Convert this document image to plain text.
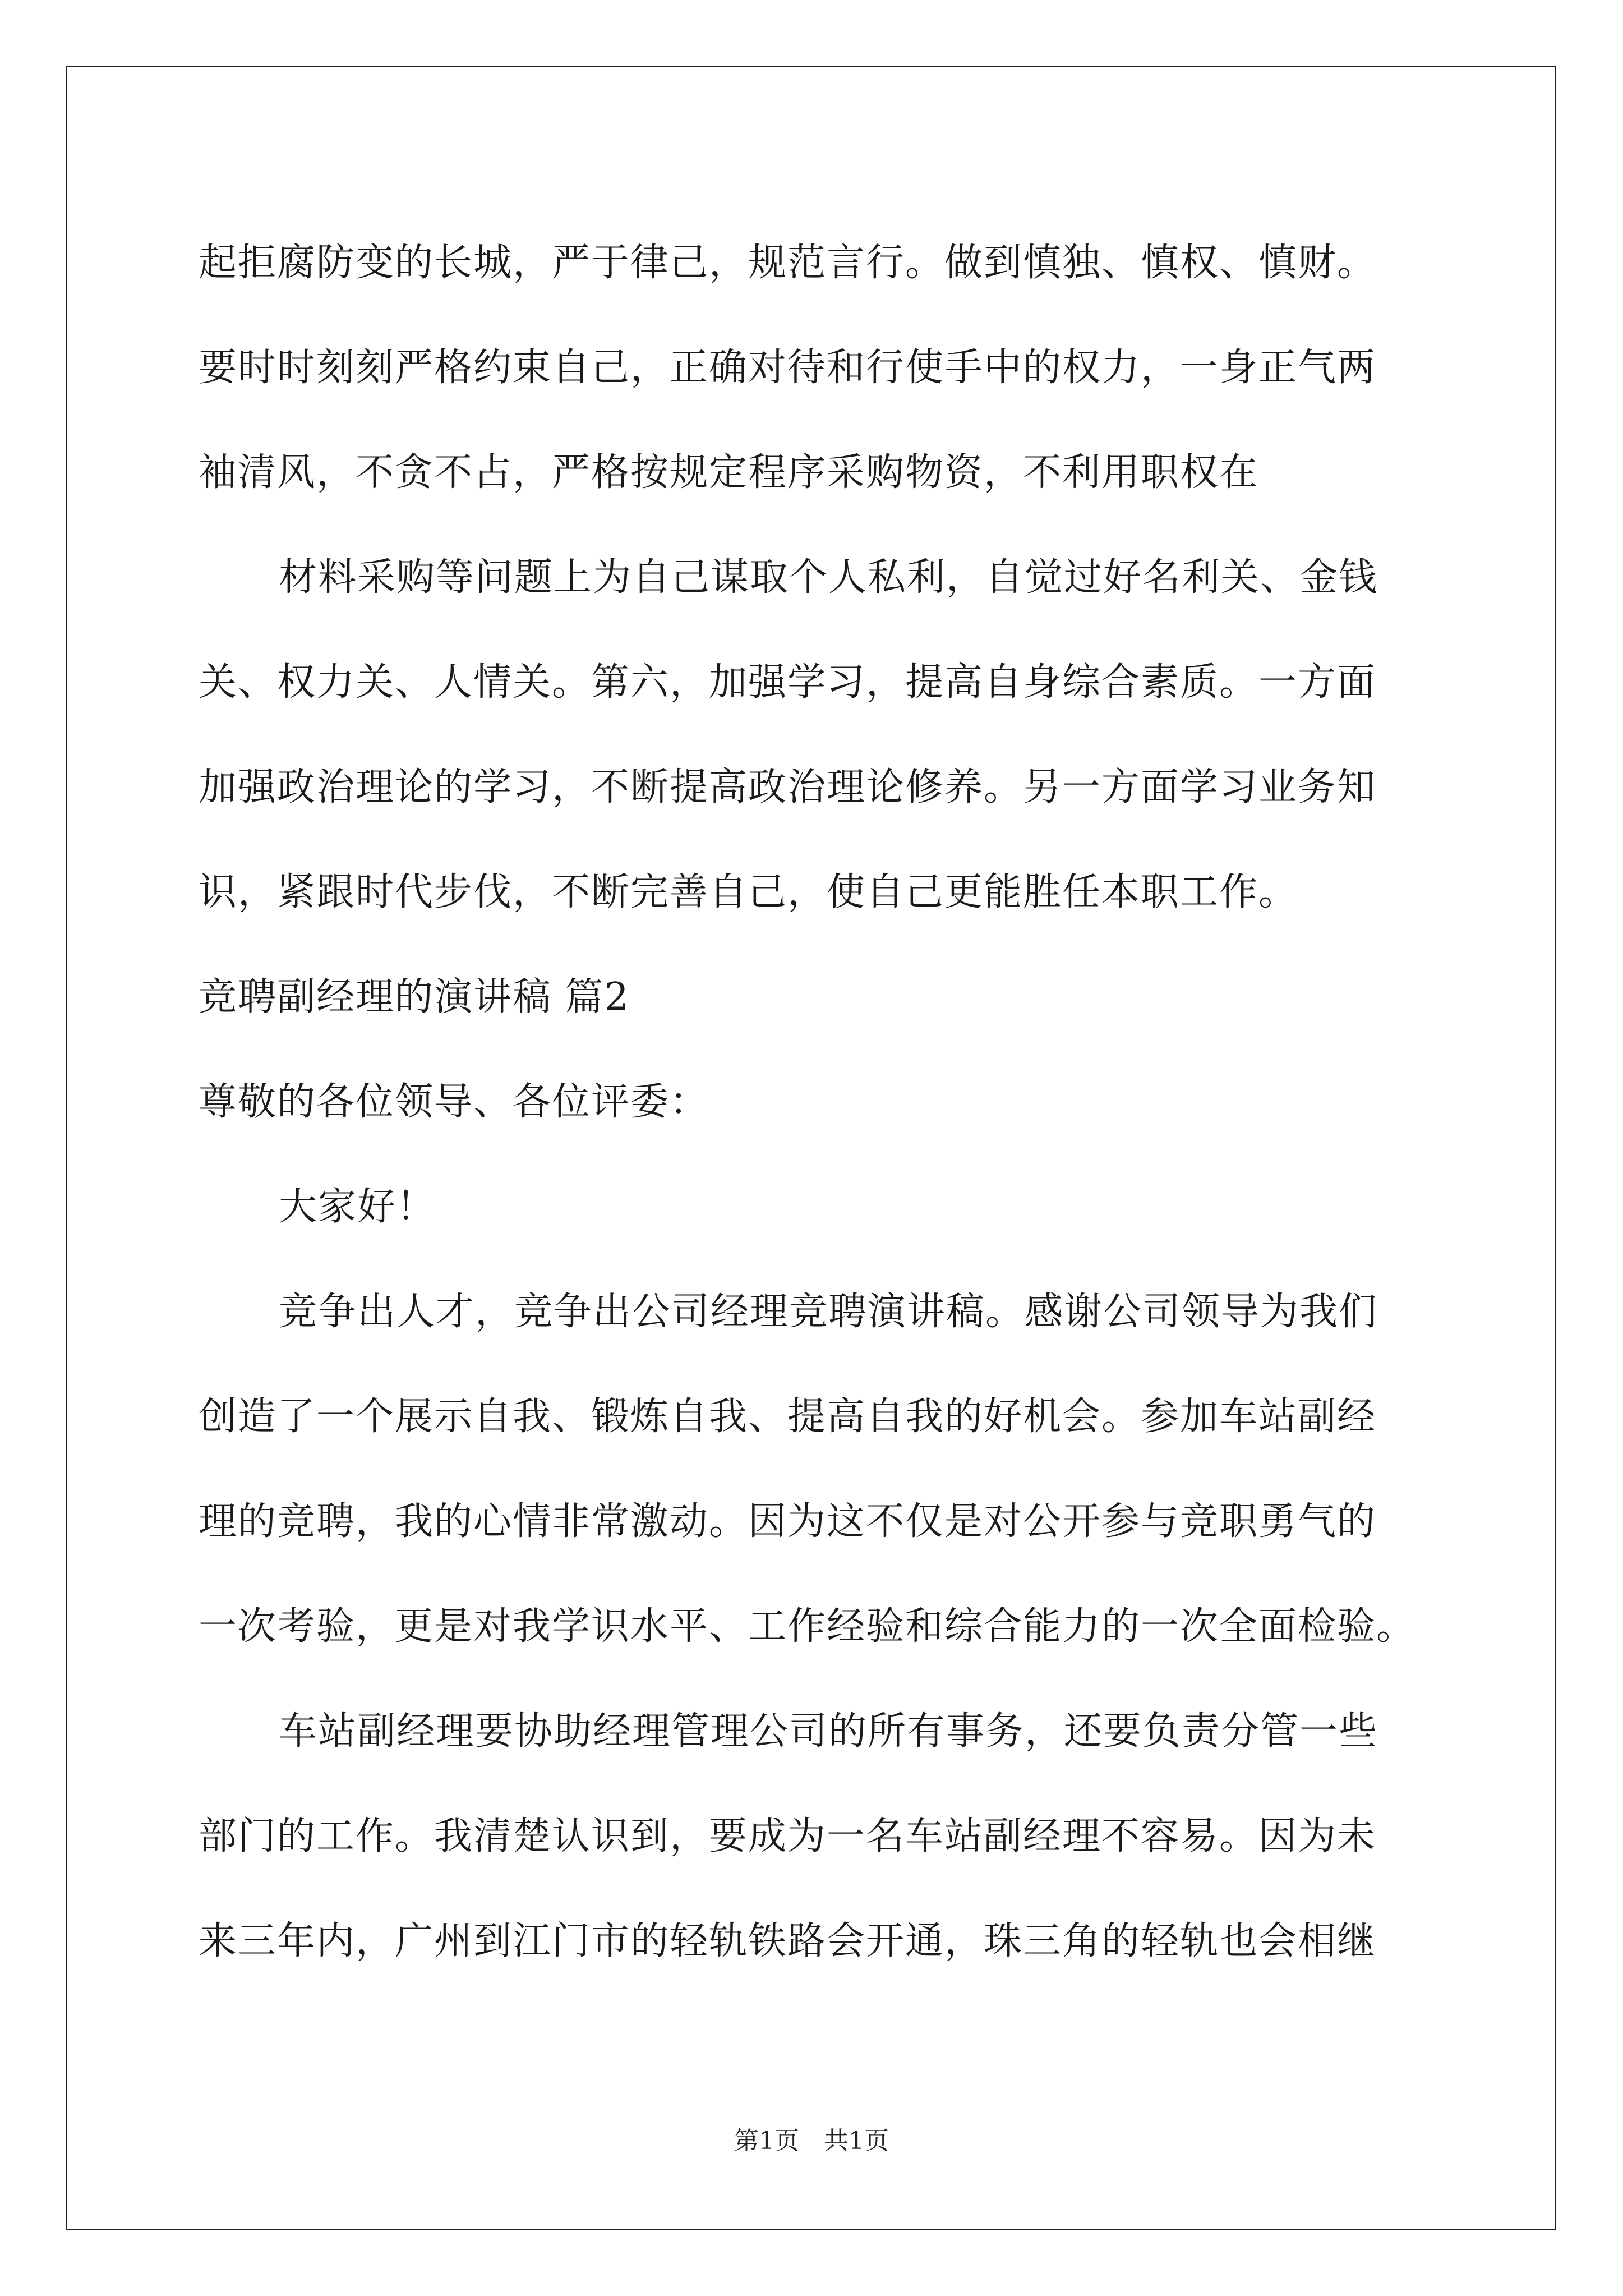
起拒腐防变的长城，严于律己，规范言行。做到慎独、慎权、慎财。
要时时刻刻严格约束自己，正确对待和行使手中的权力，一身正气两
袖清风，不贪不占，严格按规定程序采购物资，不利用职权在
材料采购等问题上为自己谋取个人私利，自觉过好名利关、金钱
关、权力关、人情关。第六，加强学习，提高自身综合素质。一方面
加强政治理论的学习，不断提高政治理论修养。另一方面学习业务知
识，紧跟时代步伐，不断完善自己，使自己更能胜任本职工作。
竞聘副经理的演讲稿 篇2
尊敬的各位领导、各位评委：
大家好！
竞争出人才，竞争出公司经理竞聘演讲稿。感谢公司领导为我们
创造了一个展示自我、锻炼自我、提高自我的好机会。参加车站副经
理的竞聘，我的心情非常激动。因为这不仅是对公开参与竞职勇气的
一次考验，更是对我学识水平、工作经验和综合能力的一次全面检验。
车站副经理要协助经理管理公司的所有事务，还要负责分管一些
部门的工作。我清楚认识到，要成为一名车站副经理不容易。因为未
来三年内，广州到江门市的轻轨铁路会开通，珠三角的轻轨也会相继
第1页　共1页
